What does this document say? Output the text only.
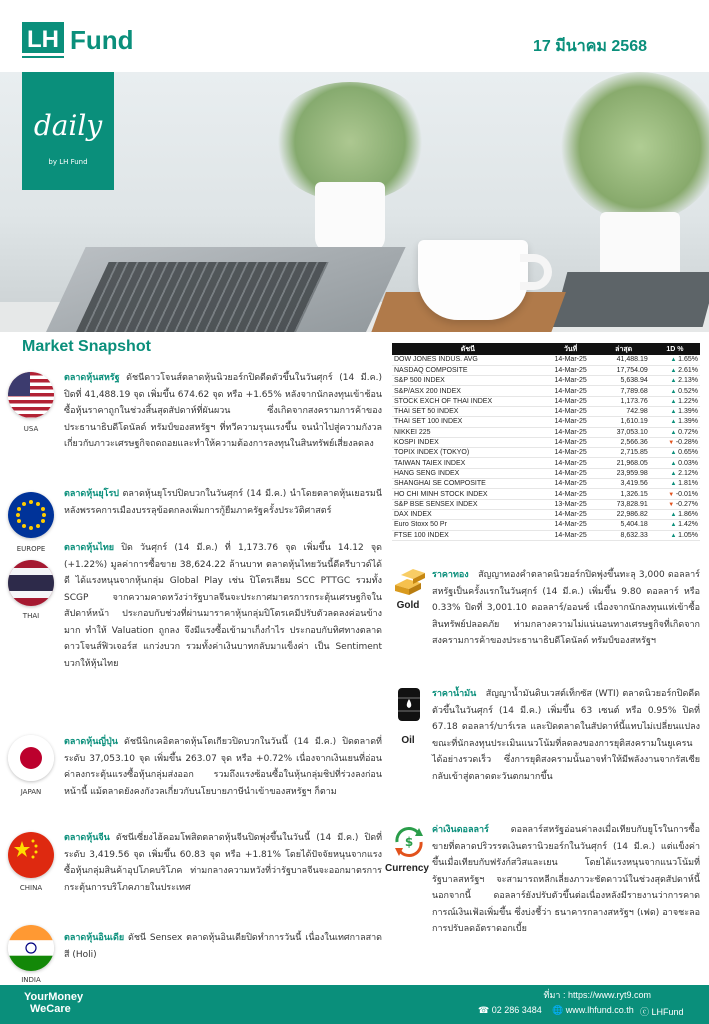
LH Fund	17 มีนาคม 2568
daily
by LH Fund
Market Snapshot	ดัชนี	วันที่	ล่าสุด	1D %
DOW JONES INDUS. AVG	14-Mar-25	41,488.19	▲ 1.65%
NASDAQ COMPOSITE	14-Mar-25	17,754.09	▲ 2.61%
S&P 500 INDEX	14-Mar-25	5,638.94	▲ 2.13%
S&P/ASX 200 INDEX	14-Mar-25	7,789.68	▲ 0.52%
STOCK EXCH OF THAI INDEX	14-Mar-25	1,173.76	▲ 1.22%
THAI SET 50 INDEX	14-Mar-25	742.98	▲ 1.39%
THAI SET 100 INDEX	14-Mar-25	1,610.19	▲ 1.39%
NIKKEI 225	14-Mar-25	37,053.10	▲ 0.72%
KOSPI INDEX	14-Mar-25	2,566.36	▼ -0.28%
TOPIX INDEX (TOKYO)	14-Mar-25	2,715.85	▲ 0.65%
TAIWAN TAIEX INDEX	14-Mar-25	21,968.05	▲ 0.03%
HANG SENG INDEX	14-Mar-25	23,959.98	▲ 2.12%
SHANGHAI SE COMPOSITE	14-Mar-25	3,419.56	▲ 1.81%
HO CHI MINH STOCK INDEX	14-Mar-25	1,326.15	▼ -0.01%
S&P BSE SENSEX INDEX	13-Mar-25	73,828.91	▼ -0.27%
DAX INDEX	14-Mar-25	22,986.82	▲ 1.86%
Euro Stoxx 50 Pr	14-Mar-25	5,404.18	▲ 1.42%
FTSE 100 INDEX	14-Mar-25	8,632.33	▲ 1.05%
USA
ตลาดหุ้นสหรัฐ ดัชนีดาวโจนส์ตลาดหุ้นนิวยอร์กปิดดีดตัวขึ้นในวันศุกร์ (14 มี.ค.) ปิดที่ 41,488.19 จุด เพิ่มขึ้น 674.62 จุด หรือ +1.65% หลังจากนักลงทุนเข้าช้อนซื้อหุ้นราคาถูกในช่วงสิ้นสุดสัปดาห์ที่ผันผวน ซึ่งเกิดจากสงครามการค้าของประธานาธิบดีโดนัลด์ ทรัมป์ของสหรัฐฯ ที่ทวีความรุนแรงขึ้น จนนำไปสู่ความกังวลเกี่ยวกับภาวะเศรษฐกิจถดถอยและทำให้ความต้องการลงทุนในสินทรัพย์เสี่ยงลดลง
EUROPE
ตลาดหุ้นยุโรป ตลาดหุ้นยุโรปปิดบวกในวันศุกร์ (14 มี.ค.) นำโดยตลาดหุ้นเยอรมนี หลังพรรคการเมืองบรรลุข้อตกลงเพิ่มการกู้ยืมภาครัฐครั้งประวัติศาสตร์
THAI
ตลาดหุ้นไทย ปิด วันศุกร์ (14 มี.ค.) ที่ 1,173.76 จุด เพิ่มขึ้น 14.12 จุด (+1.22%) มูลค่าการซื้อขาย 38,624.22 ล้านบาท ตลาดหุ้นไทยวันนี้ดีดรีบาวด์ได้ดี ได้แรงหนุนจากหุ้นกลุ่ม Global Play เช่น ปิโตรเลียม SCC PTTGC รวมทั้ง SCGP จากความคาดหวังว่ารัฐบาลจีนจะประกาศมาตรการกระตุ้นเศรษฐกิจในสัปดาห์หน้า ประกอบกับช่วงที่ผ่านมาราคาหุ้นกลุ่มปิโตรเคมีปรับตัวลดลงค่อนข้างมาก ทำให้ Valuation ถูกลง จึงมีแรงซื้อเข้ามาเก็งกำไร ประกอบกับทิศทางตลาดดาวโจนส์ฟิวเจอร์ส แกว่งบวก รวมทั้งค่าเงินบาทกลับมาแข็งค่า เป็น Sentiment บวกให้หุ้นไทย
JAPAN
ตลาดหุ้นญี่ปุ่น ดัชนีนิกเคอิตลาดหุ้นโตเกียวปิดบวกในวันนี้ (14 มี.ค.) ปิดตลาดที่ระดับ 37,053.10 จุด เพิ่มขึ้น 263.07 จุด หรือ +0.72% เนื่องจากเงินเยนที่อ่อนค่าลงกระตุ้นแรงซื้อหุ้นกลุ่มส่งออก รวมถึงแรงซ้อนซื้อในหุ้นกลุ่มชิปที่ร่วงลงก่อนหน้านี้ แม้ตลาดยังคงกังวลเกี่ยวกับนโยบายภาษีนำเข้าของสหรัฐฯ ก็ตาม
CHINA
ตลาดหุ้นจีน ดัชนีเซี่ยงไฮ้คอมโพสิตตลาดหุ้นจีนปิดพุ่งขึ้นในวันนี้ (14 มี.ค.) ปิดที่ระดับ 3,419.56 จุด เพิ่มขึ้น 60.83 จุด หรือ +1.81% โดยได้ปัจจัยหนุนจากแรงซื้อหุ้นกลุ่มสินค้าอุปโภคบริโภค ท่ามกลางความหวังที่ว่ารัฐบาลจีนจะออกมาตรการกระตุ้นการบริโภคภายในประเทศ
INDIA
ตลาดหุ้นอินเดีย ดัชนี Sensex ตลาดหุ้นอินเดียปิดทำการวันนี้ เนื่องในเทศกาลสาดสี (Holi)
Gold
ราคาทอง สัญญาทองคำตลาดนิวยอร์กปิดพุ่งขึ้นทะลุ 3,000 ดอลลาร์สหรัฐเป็นครั้งแรกในวันศุกร์ (14 มี.ค.) เพิ่มขึ้น 9.80 ดอลลาร์ หรือ 0.33% ปิดที่ 3,001.10 ดอลลาร์/ออนซ์ เนื่องจากนักลงทุนแห่เข้าซื้อสินทรัพย์ปลอดภัย ท่ามกลางความไม่แน่นอนทางเศรษฐกิจที่เกิดจากสงครามการค้าของประธานาธิบดีโดนัลด์ ทรัมป์ของสหรัฐฯ
Oil
ราคาน้ำมัน สัญญาน้ำมันดิบเวสต์เท็กซัส (WTI) ตลาดนิวยอร์กปิดดีดตัวขึ้นในวันศุกร์ (14 มี.ค.) เพิ่มขึ้น 63 เซนต์ หรือ 0.95% ปิดที่ 67.18 ดอลลาร์/บาร์เรล และปิดตลาดในสัปดาห์นี้แทบไม่เปลี่ยนแปลง ขณะที่นักลงทุนประเมินแนวโน้มที่ลดลงของการยุติสงครามในยูเครนได้อย่างรวดเร็ว ซึ่งการยุติสงครามนั้นอาจทำให้มีพลังงานจากรัสเซียกลับเข้าสู่ตลาดตะวันตกมากขึ้น
$
Currency
ค่าเงินดอลลาร์ ดอลลาร์สหรัฐอ่อนค่าลงเมื่อเทียบกับยูโรในการซื้อขายที่ตลาดปริวรรตเงินตรานิวยอร์กในวันศุกร์ (14 มี.ค.) แต่แข็งค่าขึ้นเมื่อเทียบกับฟรังก์สวิสและเยน โดยได้แรงหนุนจากแนวโน้มที่รัฐบาลสหรัฐฯ จะสามารถหลีกเลี่ยงภาวะชัตดาวน์ในช่วงสุดสัปดาห์นี้ นอกจากนี้ ดอลลาร์ยังปรับตัวขึ้นต่อเนื่องหลังมีรายงานว่าการคาดการณ์เงินเฟ้อเพิ่มขึ้น ซึ่งบ่งชี้ว่า ธนาคารกลางสหรัฐฯ (เฟด) อาจชะลอการปรับลดอัตราดอกเบี้ย
YourMoney
WeCare
ที่มา : https://www.ryt9.com
☎ 02 286 3484 🌐 www.lhfund.co.th ⓒ LHFund
